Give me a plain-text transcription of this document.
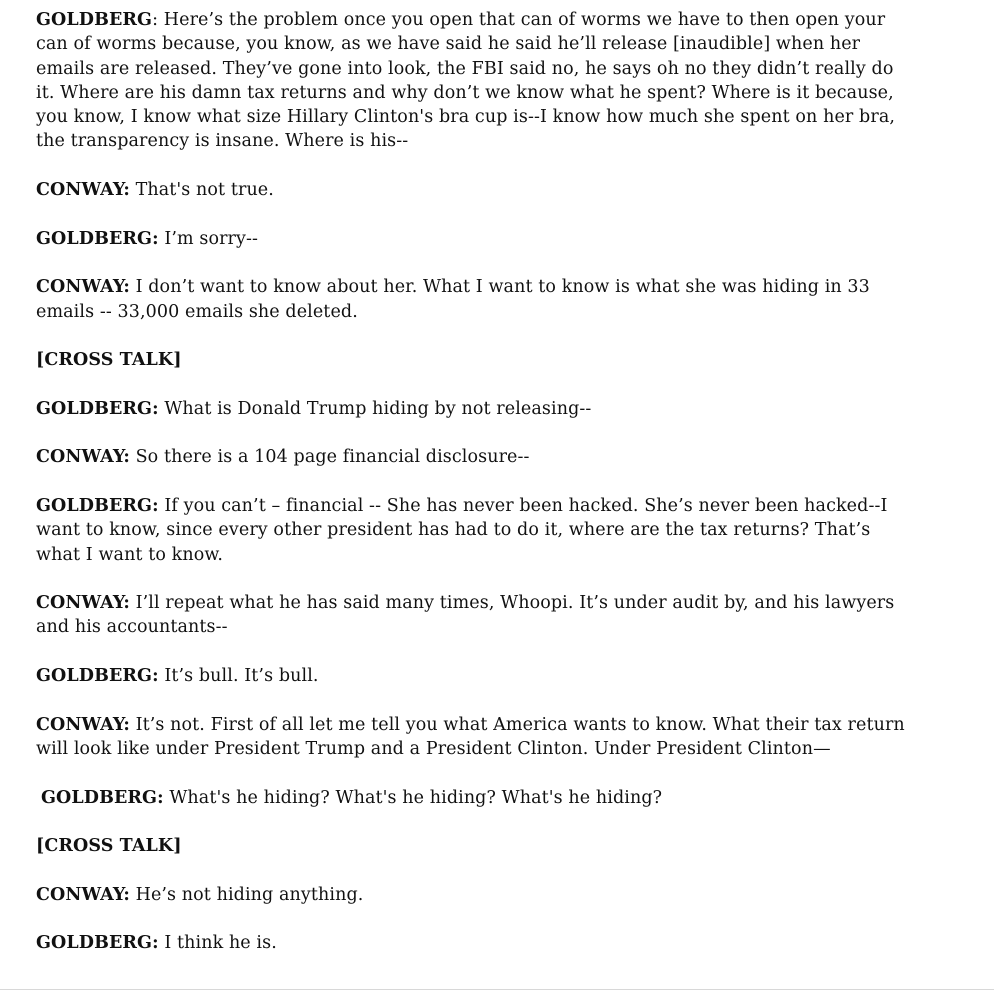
GOLDBERG: Here’s the problem once you open that can of worms we have to then open your can of worms because, you know, as we have said he said he’ll release [inaudible] when her emails are released. They’ve gone into look, the FBI said no, he says oh no they didn’t really do it. Where are his damn tax returns and why don’t we know what he spent? Where is it because, you know, I know what size Hillary Clinton's bra cup is--I know how much she spent on her bra, the transparency is insane. Where is his--

CONWAY: That's not true.

GOLDBERG: I’m sorry--

CONWAY: I don’t want to know about her. What I want to know is what she was hiding in 33 emails -- 33,000 emails she deleted.

[CROSS TALK]

GOLDBERG: What is Donald Trump hiding by not releasing--

CONWAY: So there is a 104 page financial disclosure--

GOLDBERG: If you can’t – financial -- She has never been hacked. She’s never been hacked--I want to know, since every other president has had to do it, where are the tax returns? That’s what I want to know.

CONWAY: I’ll repeat what he has said many times, Whoopi. It’s under audit by, and his lawyers and his accountants--

GOLDBERG: It’s bull. It’s bull.

CONWAY: It’s not. First of all let me tell you what America wants to know. What their tax return will look like under President Trump and a President Clinton. Under President Clinton—

GOLDBERG: What's he hiding? What's he hiding? What's he hiding?

[CROSS TALK]

CONWAY: He’s not hiding anything.

GOLDBERG: I think he is.
